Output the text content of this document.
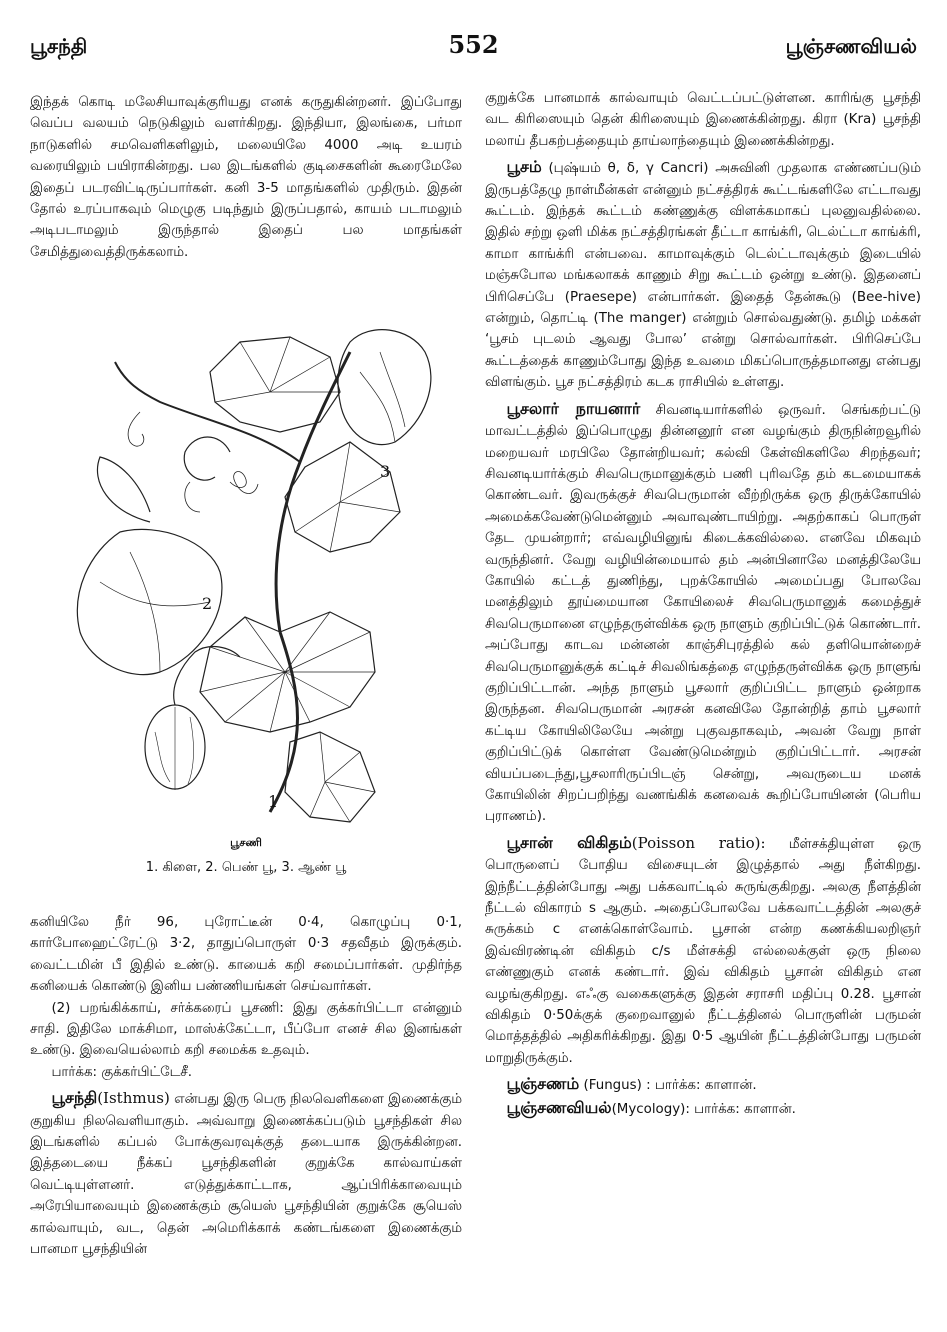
பூசந்தி	552	பூஞ்சணவியல்

இந்தக் கொடி மலேசியாவுக்குரியது எனக் கருதுகின்றனர். இப்போது வெப்ப வலயம் நெடுகிலும் வளர்கிறது. இந்தியா, இலங்கை, பர்மா நாடுகளில் சமவெளிகளிலும், மலையிலே 4000 அடி உயரம் வரையிலும் பயிராகின்றது. பல இடங்களில் குடிசைகளின் கூரைமேலே இதைப் படரவிட்டிருப்பார்கள். கனி 3-5 மாதங்களில் முதிரும். இதன் தோல் உரப்பாகவும் மெழுகு படிந்தும் இருப்பதால், காயம் படாமலும் அடிபடாமலும் இருந்தால் இதைப் பல மாதங்கள் சேமித்துவைத்திருக்கலாம்.

3
2
1
பூசணி
1. கிளை, 2. பெண் பூ, 3. ஆண் பூ

கனியிலே நீர் 96, புரோட்டீன் 0·4, கொழுப்பு 0·1, கார்போஹைட்ரேட்டு 3·2, தாதுப்பொருள் 0·3 சதவீதம் இருக்கும். வைட்டமின் பீ இதில் உண்டு. காயைக் கறி சமைப்பார்கள். முதிர்ந்த கனியைக் கொண்டு இனிய பண்ணியங்கள் செய்வார்கள்.

(2) பறங்கிக்காய், சர்க்கரைப் பூசணி: இது குக்கர்பிட்டா என்னும் சாதி. இதிலே மாக்சிமா, மாஸ்க்கேட்டா, பீப்போ எனச் சில இனங்கள் உண்டு. இவையெல்லாம் கறி சமைக்க உதவும்.

பார்க்க: குக்கர்பிட்டேசீ.

பூசந்தி(Isthmus) என்பது இரு பெரு நிலவெளிகளை இணைக்கும் குறுகிய நிலவெளியாகும். அவ்வாறு இணைக்கப்படும் பூசந்திகள் சில இடங்களில் கப்பல் போக்குவரவுக்குத் தடையாக இருக்கின்றன. இத்தடையை நீக்கப் பூசந்திகளின் குறுக்கே கால்வாய்கள் வெட்டியுள்ளனர். எடுத்துக்காட்டாக, ஆப்பிரிக்காவையும் அரேபியாவையும் இணைக்கும் சூயெஸ் பூசந்தியின் குறுக்கே சூயெஸ் கால்வாயும், வட, தென் அமெரிக்காக் கண்டங்களை இணைக்கும் பானமா பூசந்தியின்

குறுக்கே பானமாக் கால்வாயும் வெட்டப்பட்டுள்ளன. காரிங்கு பூசந்தி வட கிரிஸையும் தென் கிரிஸையும் இணைக்கின்றது. கிரா (Kra) பூசந்தி மலாய் தீபகற்பத்தையும் தாய்லாந்தையும் இணைக்கின்றது.

பூசம் (புஷ்யம் θ, δ, γ Cancri) அசுவினி முதலாக எண்ணப்படும் இருபத்தேழு நாள்மீன்கள் என்னும் நட்சத்திரக் கூட்டங்களிலே எட்டாவது கூட்டம். இந்தக் கூட்டம் கண்ணுக்கு விளக்கமாகப் புலனுவதில்லை. இதில் சற்று ஒளி மிக்க நட்சத்திரங்கள் தீட்டா காங்க்ரி, டெல்ட்டா காங்க்ரி, காமா காங்க்ரி என்பவை. காமாவுக்கும் டெல்ட்டாவுக்கும் இடையில் மஞ்சுபோல மங்கலாகக் காணும் சிறு கூட்டம் ஒன்று உண்டு. இதனைப் பிரிசெப்பே (Praesepe) என்பார்கள். இதைத் தேன்கூடு (Bee-hive) என்றும், தொட்டி (The manger) என்றும் சொல்வதுண்டு. தமிழ் மக்கள் ‘பூசம் புடலம் ஆவது போல’ என்று சொல்வார்கள். பிரிசெப்பே கூட்டத்தைக் காணும்போது இந்த உவமை மிகப்பொருத்தமானது என்பது விளங்கும். பூச நட்சத்திரம் கடக ராசியில் உள்ளது.

பூசலார் நாயனார் சிவனடியார்களில் ஒருவர். செங்கற்பட்டு மாவட்டத்தில் இப்பொழுது தின்னனூர் என வழங்கும் திருநின்றவூரில் மறையவர் மரபிலே தோன்றியவர்; கல்வி கேள்விகளிலே சிறந்தவர்; சிவனடியார்க்கும் சிவபெருமானுக்கும் பணி புரிவதே தம் கடமையாகக் கொண்டவர். இவருக்குச் சிவபெருமான் வீற்றிருக்க ஒரு திருக்கோயில் அமைக்கவேண்டுமென்னும் அவாவுண்டாயிற்று. அதற்காகப் பொருள் தேட முயன்றார்; எவ்வழியினுங் கிடைக்கவில்லை. எனவே மிகவும் வருந்தினர். வேறு வழியின்மையால் தம் அன்பினாலே மனத்திலேயே கோயில் கட்டத் துணிந்து, புறக்கோயில் அமைப்பது போலவே மனத்திலும் தூய்மையான கோயிலைச் சிவபெருமானுக் கமைத்துச் சிவபெருமானை எழுந்தருள்விக்க ஒரு நாளும் குறிப்பிட்டுக் கொண்டார். அப்போது காடவ மன்னன் காஞ்சிபுரத்தில் கல் தளியொன்றைச் சிவபெருமானுக்குக் கட்டிச் சிவலிங்கத்தை எழுந்தருள்விக்க ஒரு நாளுங் குறிப்பிட்டான். அந்த நாளும் பூசலார் குறிப்பிட்ட நாளும் ஒன்றாக இருந்தன. சிவபெருமான் அரசன் கனவிலே தோன்றித் தாம் பூசலார் கட்டிய கோயிலிலேயே அன்று புகுவதாகவும், அவன் வேறு நாள் குறிப்பிட்டுக் கொள்ள வேண்டுமென்றும் குறிப்பிட்டார். அரசன் வியப்படைந்து,பூசலாரிருப்பிடஞ் சென்று, அவருடைய மனக் கோயிலின் சிறப்பறிந்து வணங்கிக் கனவைக் கூறிப்போயினன் (பெரிய புராணம்).

பூசான் விகிதம்(Poisson ratio): மீள்சக்தியுள்ள ஒரு பொருளைப் போதிய விசையுடன் இழுத்தால் அது நீள்கிறது. இந்நீட்டத்தின்போது அது பக்கவாட்டில் சுருங்குகிறது. அலகு நீளத்தின் நீட்டல் விகாரம் s ஆகும். அதைப்போலவே பக்கவாட்டத்தின் அலகுச் சுருக்கம் c எனக்கொள்வோம். பூசான் என்ற கணக்கியலறிஞர் இவ்விரண்டின் விகிதம் c/s மீள்சக்தி எல்லைக்குள் ஒரு நிலை எண்ணுகும் எனக் கண்டார். இவ் விகிதம் பூசான் விகிதம் என வழங்குகிறது. எஃகு வகைகளுக்கு இதன் சராசரி மதிப்பு 0.28. பூசான் விகிதம் 0·50க்குக் குறைவானுல் நீட்டத்தினல் பொருளின் பருமன் மொத்தத்தில் அதிகரிக்கிறது. இது 0·5 ஆயின் நீட்டத்தின்போது பருமன் மாறுதிருக்கும்.

பூஞ்சணம் (Fungus) : பார்க்க: காளான்.

பூஞ்சணவியல்(Mycology): பார்க்க: காளான்.
